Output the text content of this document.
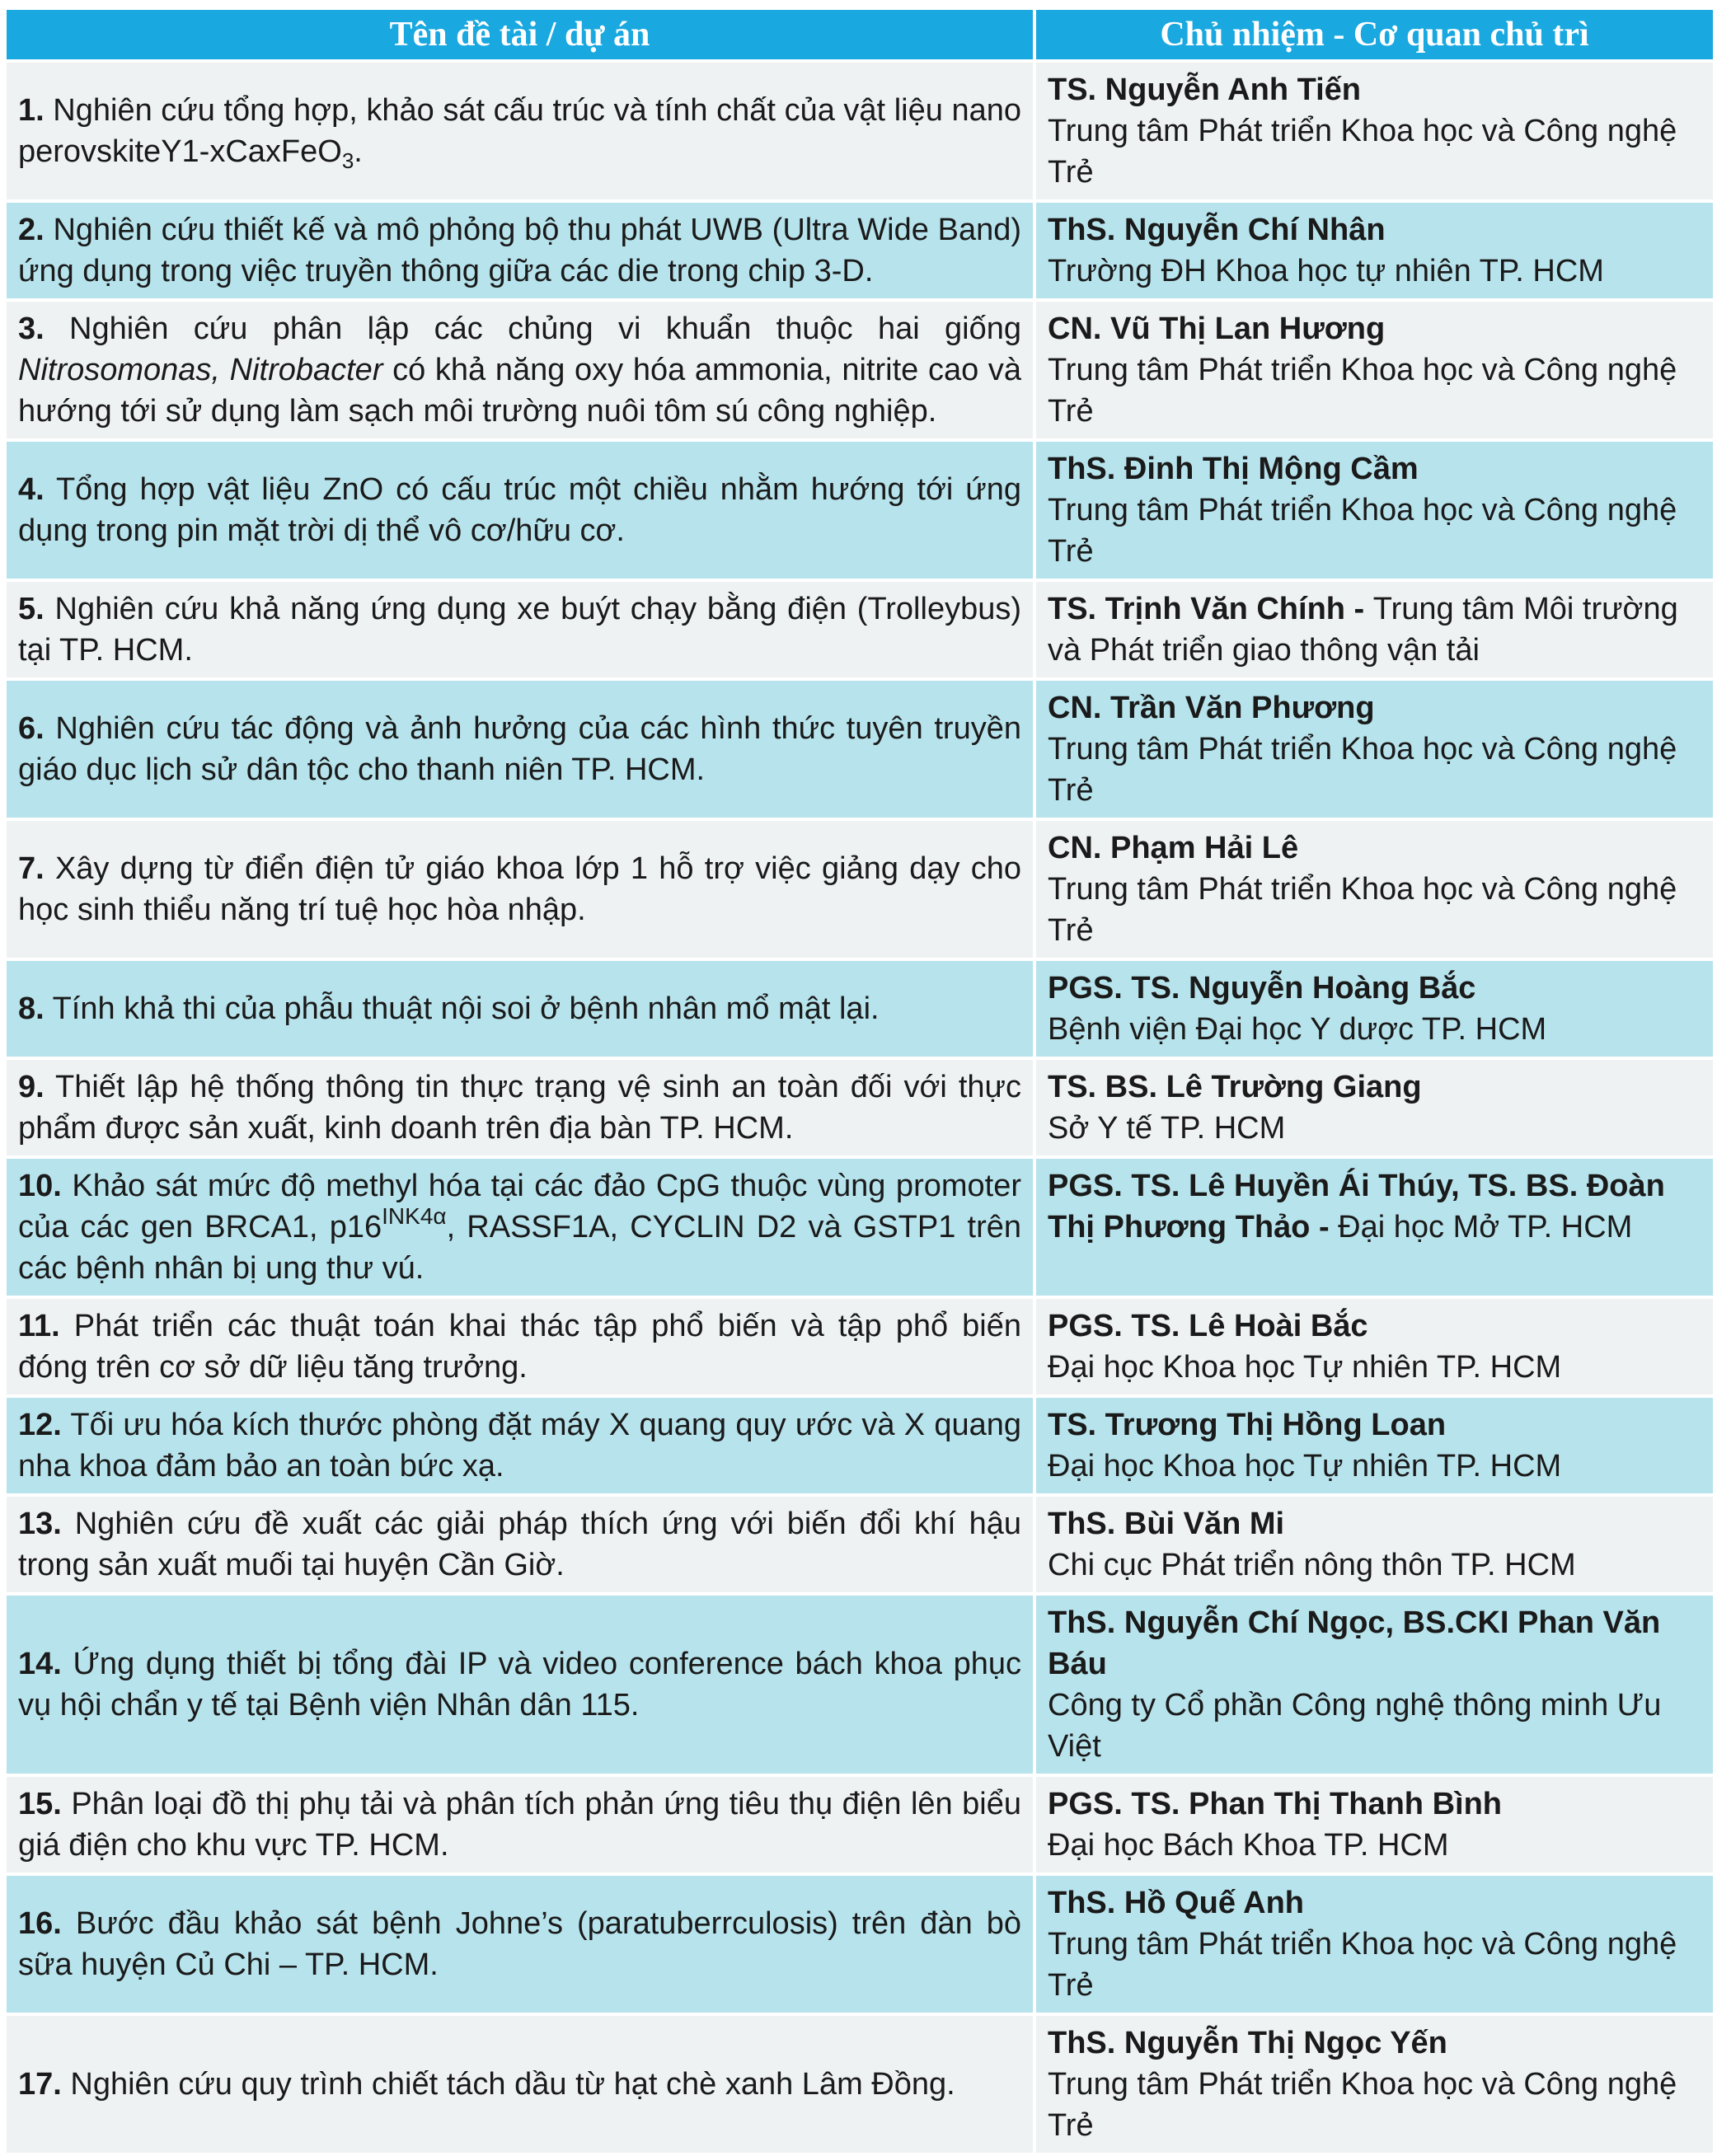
Tên đề tài / dự án	Chủ nhiệm - Cơ quan chủ trì
1. Nghiên cứu tổng hợp, khảo sát cấu trúc và tính chất của vật liệu nano perovskiteY1-xCaxFeO$_3$.	TS. Nguyễn Anh Tiến
Trung tâm Phát triển Khoa học và Công nghệ Trẻ

2. Nghiên cứu thiết kế và mô phỏng bộ thu phát UWB (Ultra Wide Band) ứng dụng trong việc truyền thông giữa các die trong chip 3-D.	ThS. Nguyễn Chí Nhân
Trường ĐH Khoa học tự nhiên TP. HCM

3. Nghiên cứu phân lập các chủng vi khuẩn thuộc hai giống Nitrosomonas, Nitrobacter có khả năng oxy hóa ammonia, nitrite cao và hướng tới sử dụng làm sạch môi trường nuôi tôm sú công nghiệp.	CN. Vũ Thị Lan Hương
Trung tâm Phát triển Khoa học và Công nghệ Trẻ

4. Tổng hợp vật liệu ZnO có cấu trúc một chiều nhằm hướng tới ứng dụng trong pin mặt trời dị thể vô cơ/hữu cơ.	ThS. Đinh Thị Mộng Cầm
Trung tâm Phát triển Khoa học và Công nghệ Trẻ

5. Nghiên cứu khả năng ứng dụng xe buýt chạy bằng điện (Trolleybus) tại TP. HCM.	TS. Trịnh Văn Chính - Trung tâm Môi trường và Phát triển giao thông vận tải
6. Nghiên cứu tác động và ảnh hưởng của các hình thức tuyên truyền giáo dục lịch sử dân tộc cho thanh niên TP. HCM.	CN. Trần Văn Phương
Trung tâm Phát triển Khoa học và Công nghệ Trẻ

7. Xây dựng từ điển điện tử giáo khoa lớp 1 hỗ trợ việc giảng dạy cho học sinh thiểu năng trí tuệ học hòa nhập.	CN. Phạm Hải Lê
Trung tâm Phát triển Khoa học và Công nghệ Trẻ

8. Tính khả thi của phẫu thuật nội soi ở bệnh nhân mổ mật lại.	PGS. TS. Nguyễn Hoàng Bắc
Bệnh viện Đại học Y dược TP. HCM

9. Thiết lập hệ thống thông tin thực trạng vệ sinh an toàn đối với thực phẩm được sản xuất, kinh doanh trên địa bàn TP. HCM.	TS. BS. Lê Trường Giang
Sở Y tế TP. HCM

10. Khảo sát mức độ methyl hóa tại các đảo CpG thuộc vùng promoter của các gen BRCA1, $p16^{INK4\alpha}$, RASSF1A, CYCLIN D2 và GSTP1 trên các bệnh nhân bị ung thư vú.	PGS. TS. Lê Huyền Ái Thúy, TS. BS. Đoàn Thị Phương Thảo - Đại học Mở TP. HCM
11. Phát triển các thuật toán khai thác tập phổ biến và tập phổ biến đóng trên cơ sở dữ liệu tăng trưởng.	PGS. TS. Lê Hoài Bắc
Đại học Khoa học Tự nhiên TP. HCM

12. Tối ưu hóa kích thước phòng đặt máy X quang quy ước và X quang nha khoa đảm bảo an toàn bức xạ.	TS. Trương Thị Hồng Loan
Đại học Khoa học Tự nhiên TP. HCM

13. Nghiên cứu đề xuất các giải pháp thích ứng với biến đổi khí hậu trong sản xuất muối tại huyện Cần Giờ.	ThS. Bùi Văn Mi
Chi cục Phát triển nông thôn TP. HCM

14. Ứng dụng thiết bị tổng đài IP và video conference bách khoa phục vụ hội chẩn y tế tại Bệnh viện Nhân dân 115.	ThS. Nguyễn Chí Ngọc, BS.CKI Phan Văn Báu
Công ty Cổ phần Công nghệ thông minh Ưu Việt

15. Phân loại đồ thị phụ tải và phân tích phản ứng tiêu thụ điện lên biểu giá điện cho khu vực TP. HCM.	PGS. TS. Phan Thị Thanh Bình
Đại học Bách Khoa TP. HCM

16. Bước đầu khảo sát bệnh Johne’s (paratuberrculosis) trên đàn bò sữa huyện Củ Chi – TP. HCM.	ThS. Hồ Quế Anh
Trung tâm Phát triển Khoa học và Công nghệ Trẻ

17. Nghiên cứu quy trình chiết tách dầu từ hạt chè xanh Lâm Đồng.	ThS. Nguyễn Thị Ngọc Yến
Trung tâm Phát triển Khoa học và Công nghệ Trẻ
